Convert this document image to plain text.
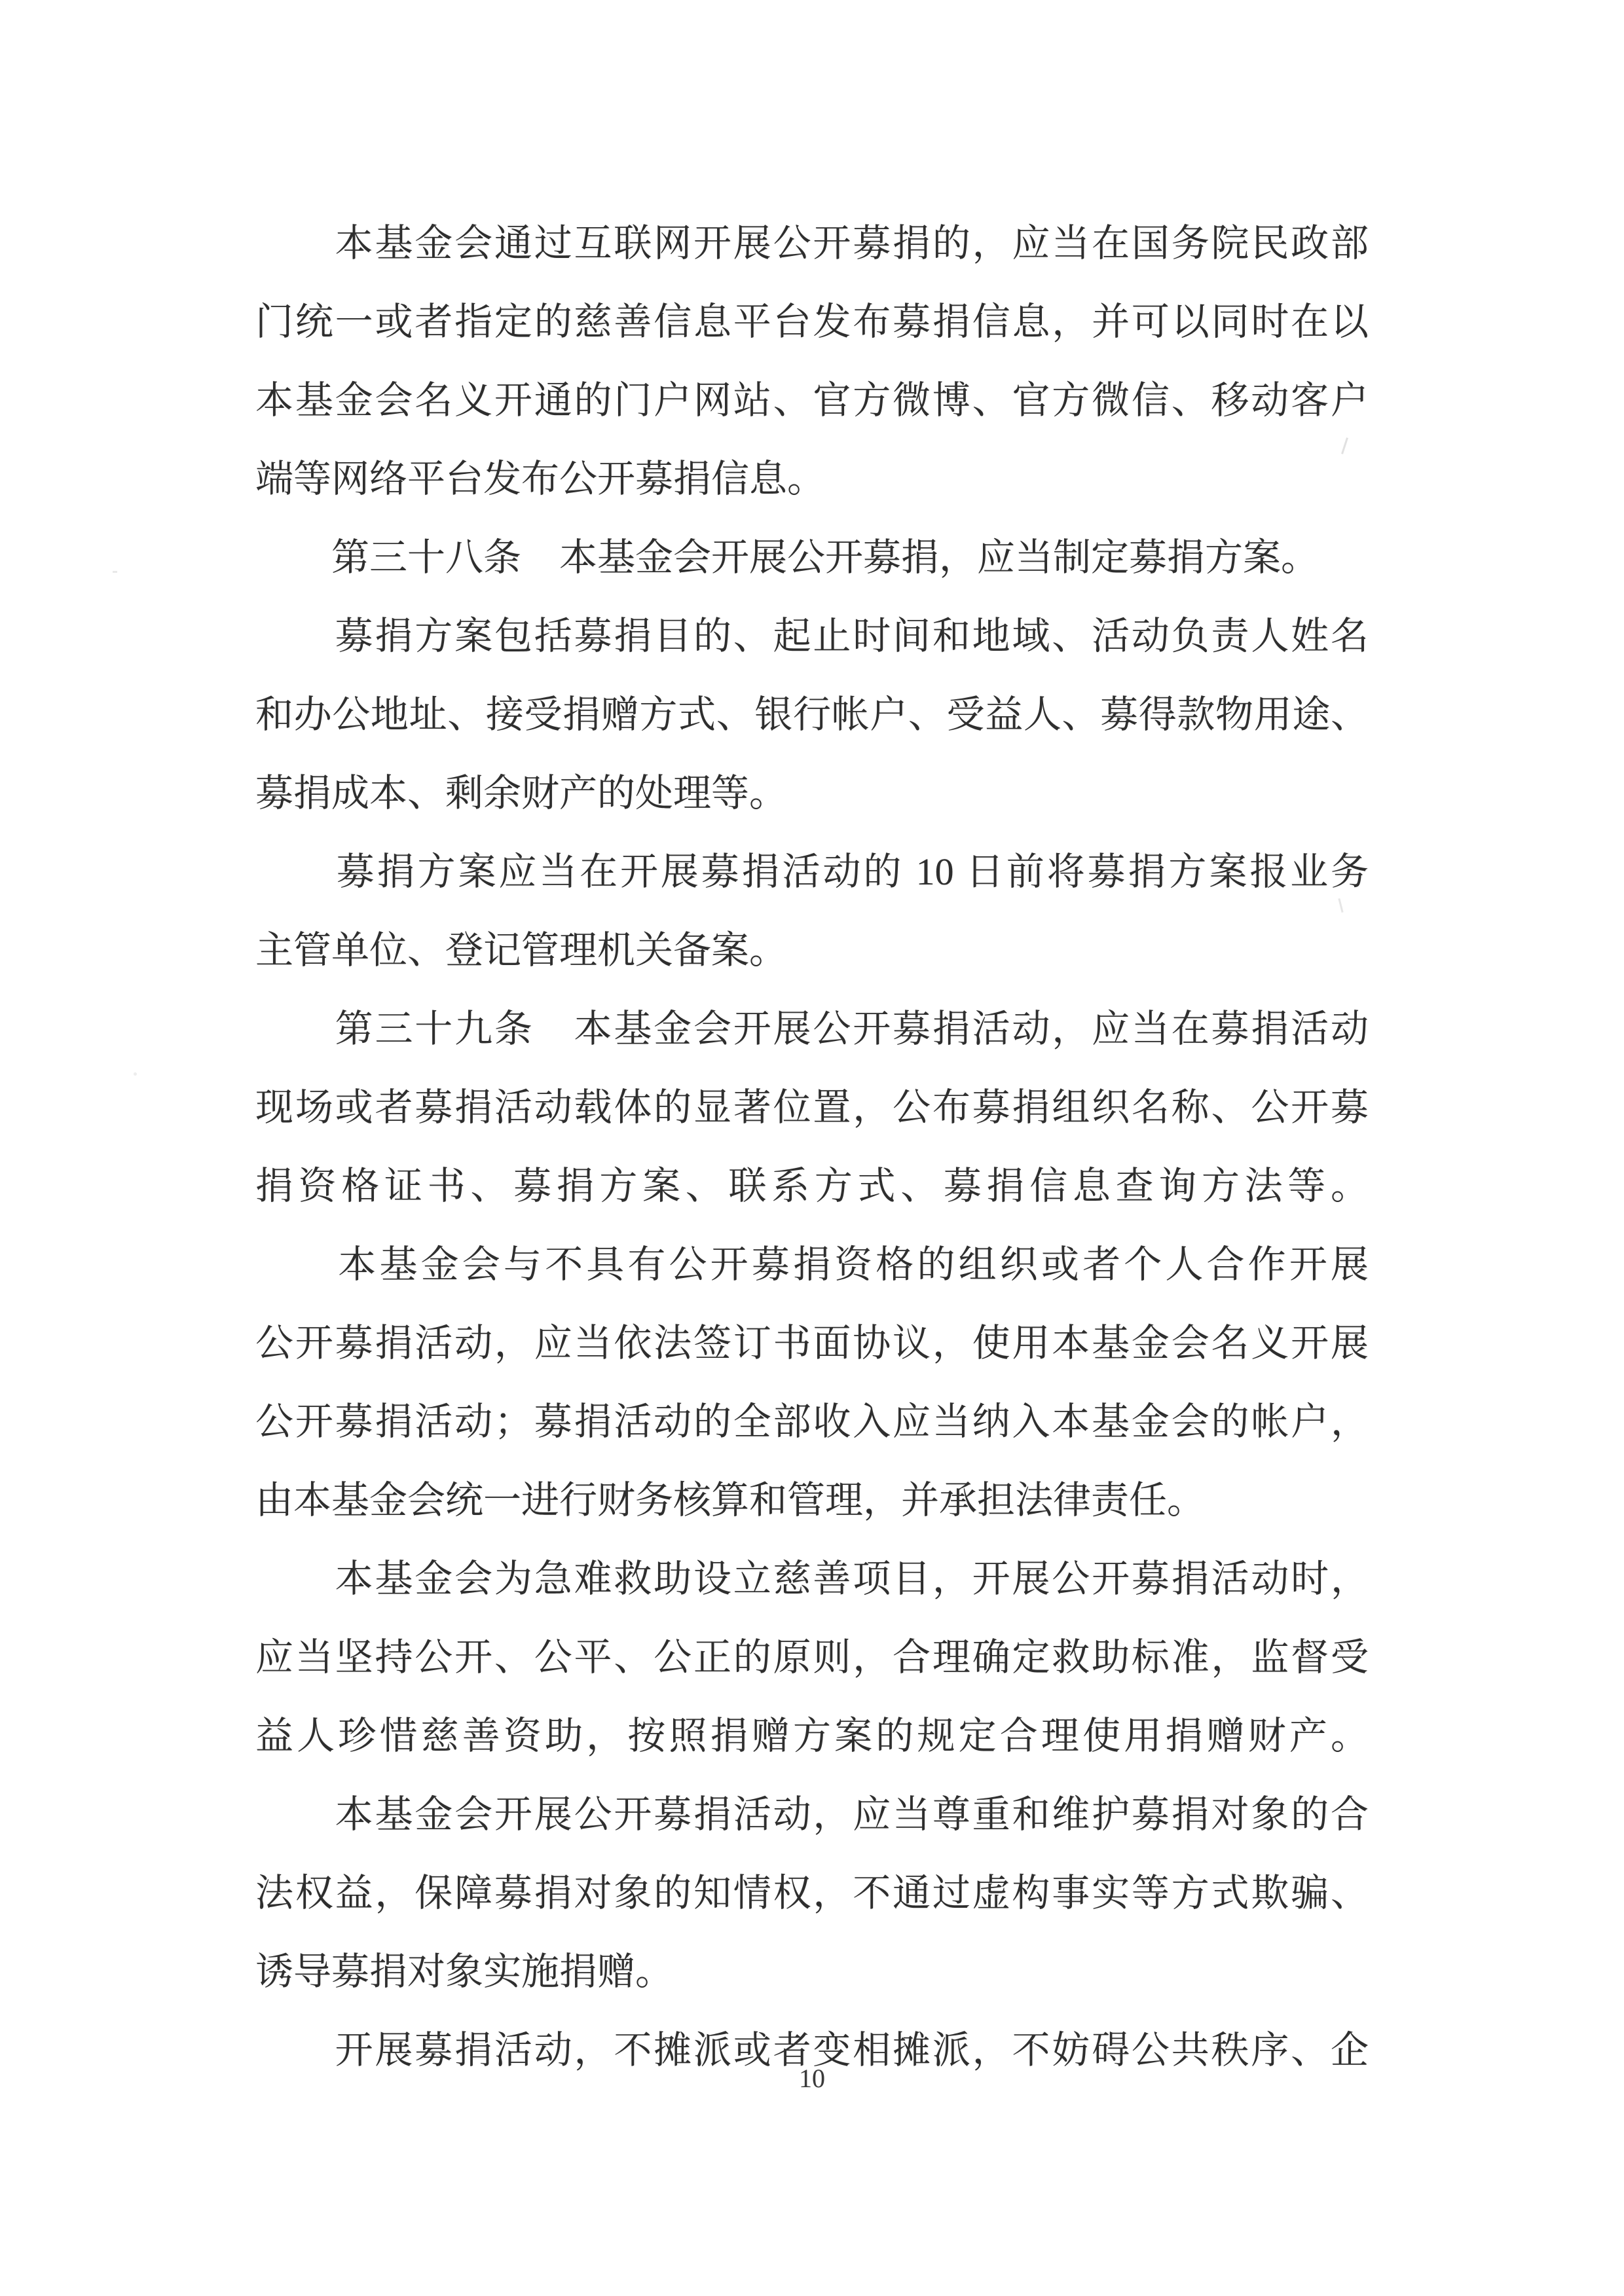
　　本基金会通过互联网开展公开募捐的，应当在国务院民政部
门统一或者指定的慈善信息平台发布募捐信息，并可以同时在以
本基金会名义开通的门户网站、官方微博、官方微信、移动客户
端等网络平台发布公开募捐信息。
　　第三十八条　本基金会开展公开募捐，应当制定募捐方案。
　　募捐方案包括募捐目的、起止时间和地域、活动负责人姓名
和办公地址、接受捐赠方式、银行帐户、受益人、募得款物用途、
募捐成本、剩余财产的处理等。
　　募捐方案应当在开展募捐活动的 10 日前将募捐方案报业务
主管单位、登记管理机关备案。
　　第三十九条　本基金会开展公开募捐活动，应当在募捐活动
现场或者募捐活动载体的显著位置，公布募捐组织名称、公开募
捐资格证书、募捐方案、联系方式、募捐信息查询方法等。
　　本基金会与不具有公开募捐资格的组织或者个人合作开展
公开募捐活动，应当依法签订书面协议，使用本基金会名义开展
公开募捐活动；募捐活动的全部收入应当纳入本基金会的帐户，
由本基金会统一进行财务核算和管理，并承担法律责任。
　　本基金会为急难救助设立慈善项目，开展公开募捐活动时，
应当坚持公开、公平、公正的原则，合理确定救助标准，监督受
益人珍惜慈善资助，按照捐赠方案的规定合理使用捐赠财产。
　　本基金会开展公开募捐活动，应当尊重和维护募捐对象的合
法权益，保障募捐对象的知情权，不通过虚构事实等方式欺骗、
诱导募捐对象实施捐赠。
　　开展募捐活动，不摊派或者变相摊派，不妨碍公共秩序、企
10
